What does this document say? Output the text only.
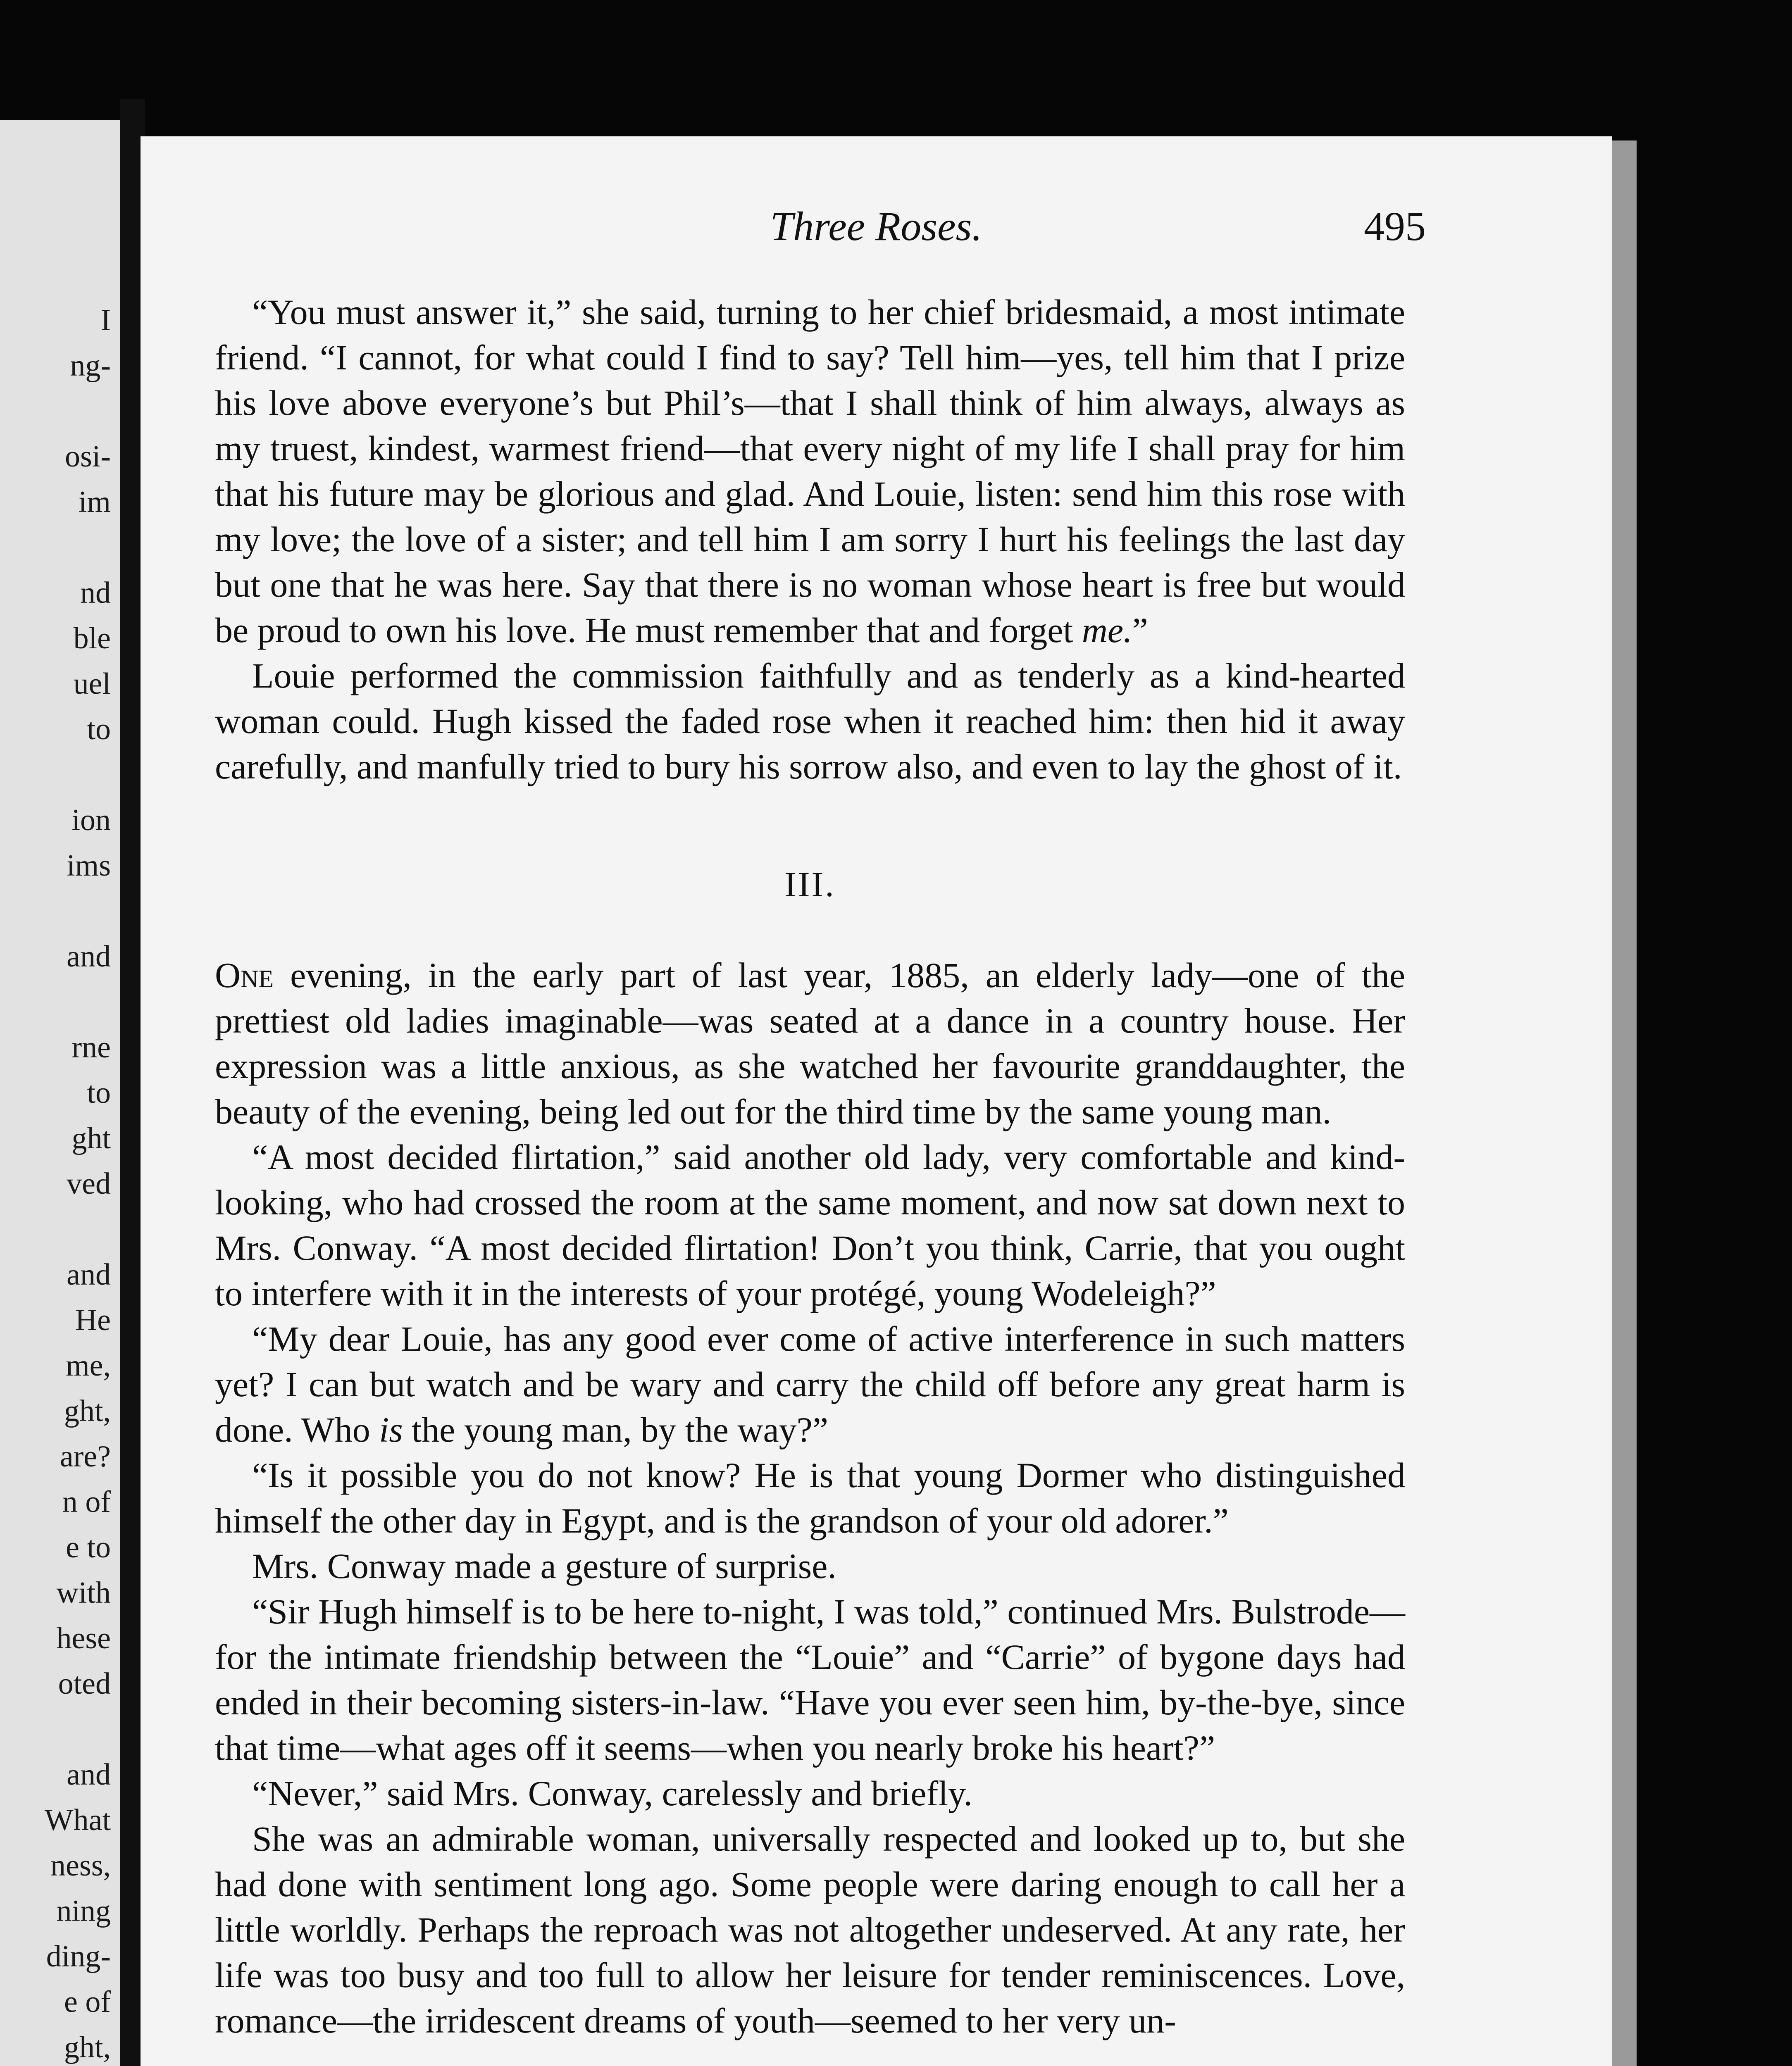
I
ng-
osi-
im
nd
ble
uel
to
ion
ims
and
rne
to
ght
ved
and
He
me,
ght,
are?
n of
e to
with
hese
oted
and
What
ness,
ning
ding-
e of
ght,
Three Roses.	495

“You must answer it,” she said, turning to her chief bridesmaid, a most intimate friend. “I cannot, for what could I find to say? Tell him—yes, tell him that I prize his love above everyone’s but Phil’s—that I shall think of him always, always as my truest, kindest, warmest friend—that every night of my life I shall pray for him that his future may be glorious and glad. And Louie, listen: send him this rose with my love; the love of a sister; and tell him I am sorry I hurt his feelings the last day but one that he was here. Say that there is no woman whose heart is free but would be proud to own his love. He must remember that and forget me.”

Louie performed the commission faithfully and as tenderly as a kind-hearted woman could. Hugh kissed the faded rose when it reached him: then hid it away carefully, and manfully tried to bury his sorrow also, and even to lay the ghost of it.

III.

One evening, in the early part of last year, 1885, an elderly lady—one of the prettiest old ladies imaginable—was seated at a dance in a country house. Her expression was a little anxious, as she watched her favourite granddaughter, the beauty of the evening, being led out for the third time by the same young man.

“A most decided flirtation,” said another old lady, very comfortable and kind-looking, who had crossed the room at the same moment, and now sat down next to Mrs. Conway. “A most decided flirtation! Don’t you think, Carrie, that you ought to interfere with it in the interests of your protégé, young Wodeleigh?”

“My dear Louie, has any good ever come of active interference in such matters yet? I can but watch and be wary and carry the child off before any great harm is done. Who is the young man, by the way?”

“Is it possible you do not know? He is that young Dormer who distinguished himself the other day in Egypt, and is the grandson of your old adorer.”

Mrs. Conway made a gesture of surprise.

“Sir Hugh himself is to be here to-night, I was told,” continued Mrs. Bulstrode—for the intimate friendship between the “Louie” and “Carrie” of bygone days had ended in their becoming sisters-in-law. “Have you ever seen him, by-the-bye, since that time—what ages off it seems—when you nearly broke his heart?”

“Never,” said Mrs. Conway, carelessly and briefly.

She was an admirable woman, universally respected and looked up to, but she had done with sentiment long ago. Some people were daring enough to call her a little worldly. Perhaps the reproach was not altogether undeserved. At any rate, her life was too busy and too full to allow her leisure for tender reminiscences. Love, romance—the irridescent dreams of youth—seemed to her very un-
